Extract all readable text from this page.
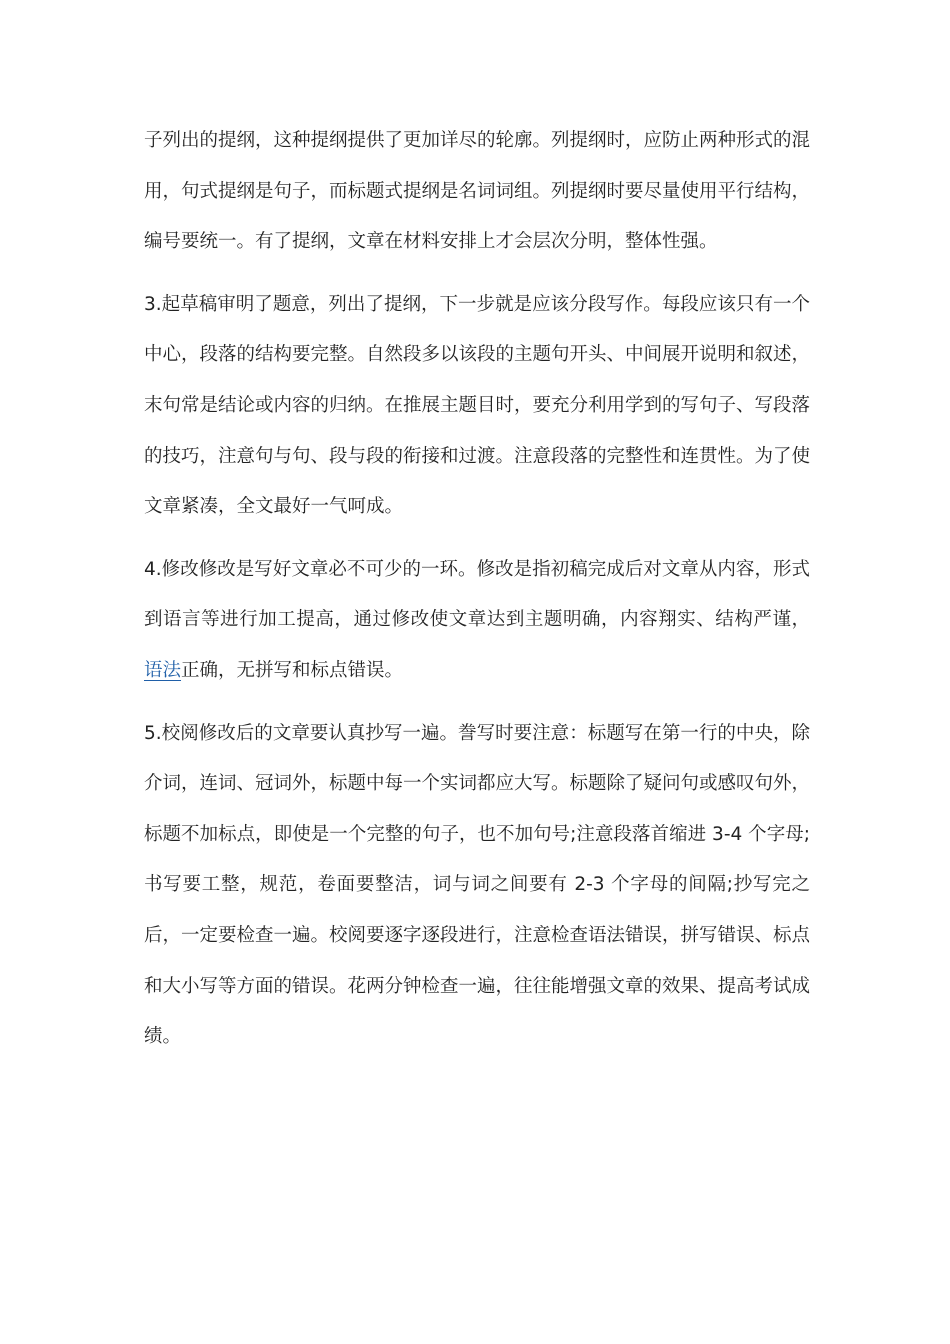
子列出的提纲，这种提纲提供了更加详尽的轮廓。列提纲时，应防止两种形式的混用，句式提纲是句子，而标题式提纲是名词词组。列提纲时要尽量使用平行结构，编号要统一。有了提纲，文章在材料安排上才会层次分明，整体性强。

3.起草稿审明了题意，列出了提纲，下一步就是应该分段写作。每段应该只有一个中心，段落的结构要完整。自然段多以该段的主题句开头、中间展开说明和叙述，末句常是结论或内容的归纳。在推展主题目时，要充分利用学到的写句子、写段落的技巧，注意句与句、段与段的衔接和过渡。注意段落的完整性和连贯性。为了使文章紧凑，全文最好一气呵成。

4.修改修改是写好文章必不可少的一环。修改是指初稿完成后对文章从内容，形式到语言等进行加工提高，通过修改使文章达到主题明确，内容翔实、结构严谨，语法正确，无拼写和标点错误。

5.校阅修改后的文章要认真抄写一遍。誊写时要注意：标题写在第一行的中央，除介词，连词、冠词外，标题中每一个实词都应大写。标题除了疑问句或感叹句外，标题不加标点，即使是一个完整的句子，也不加句号;注意段落首缩进 3-4 个字母;书写要工整，规范，卷面要整洁，词与词之间要有 2-3 个字母的间隔;抄写完之后，一定要检查一遍。校阅要逐字逐段进行，注意检查语法错误，拼写错误、标点和大小写等方面的错误。花两分钟检查一遍，往往能增强文章的效果、提高考试成绩。
